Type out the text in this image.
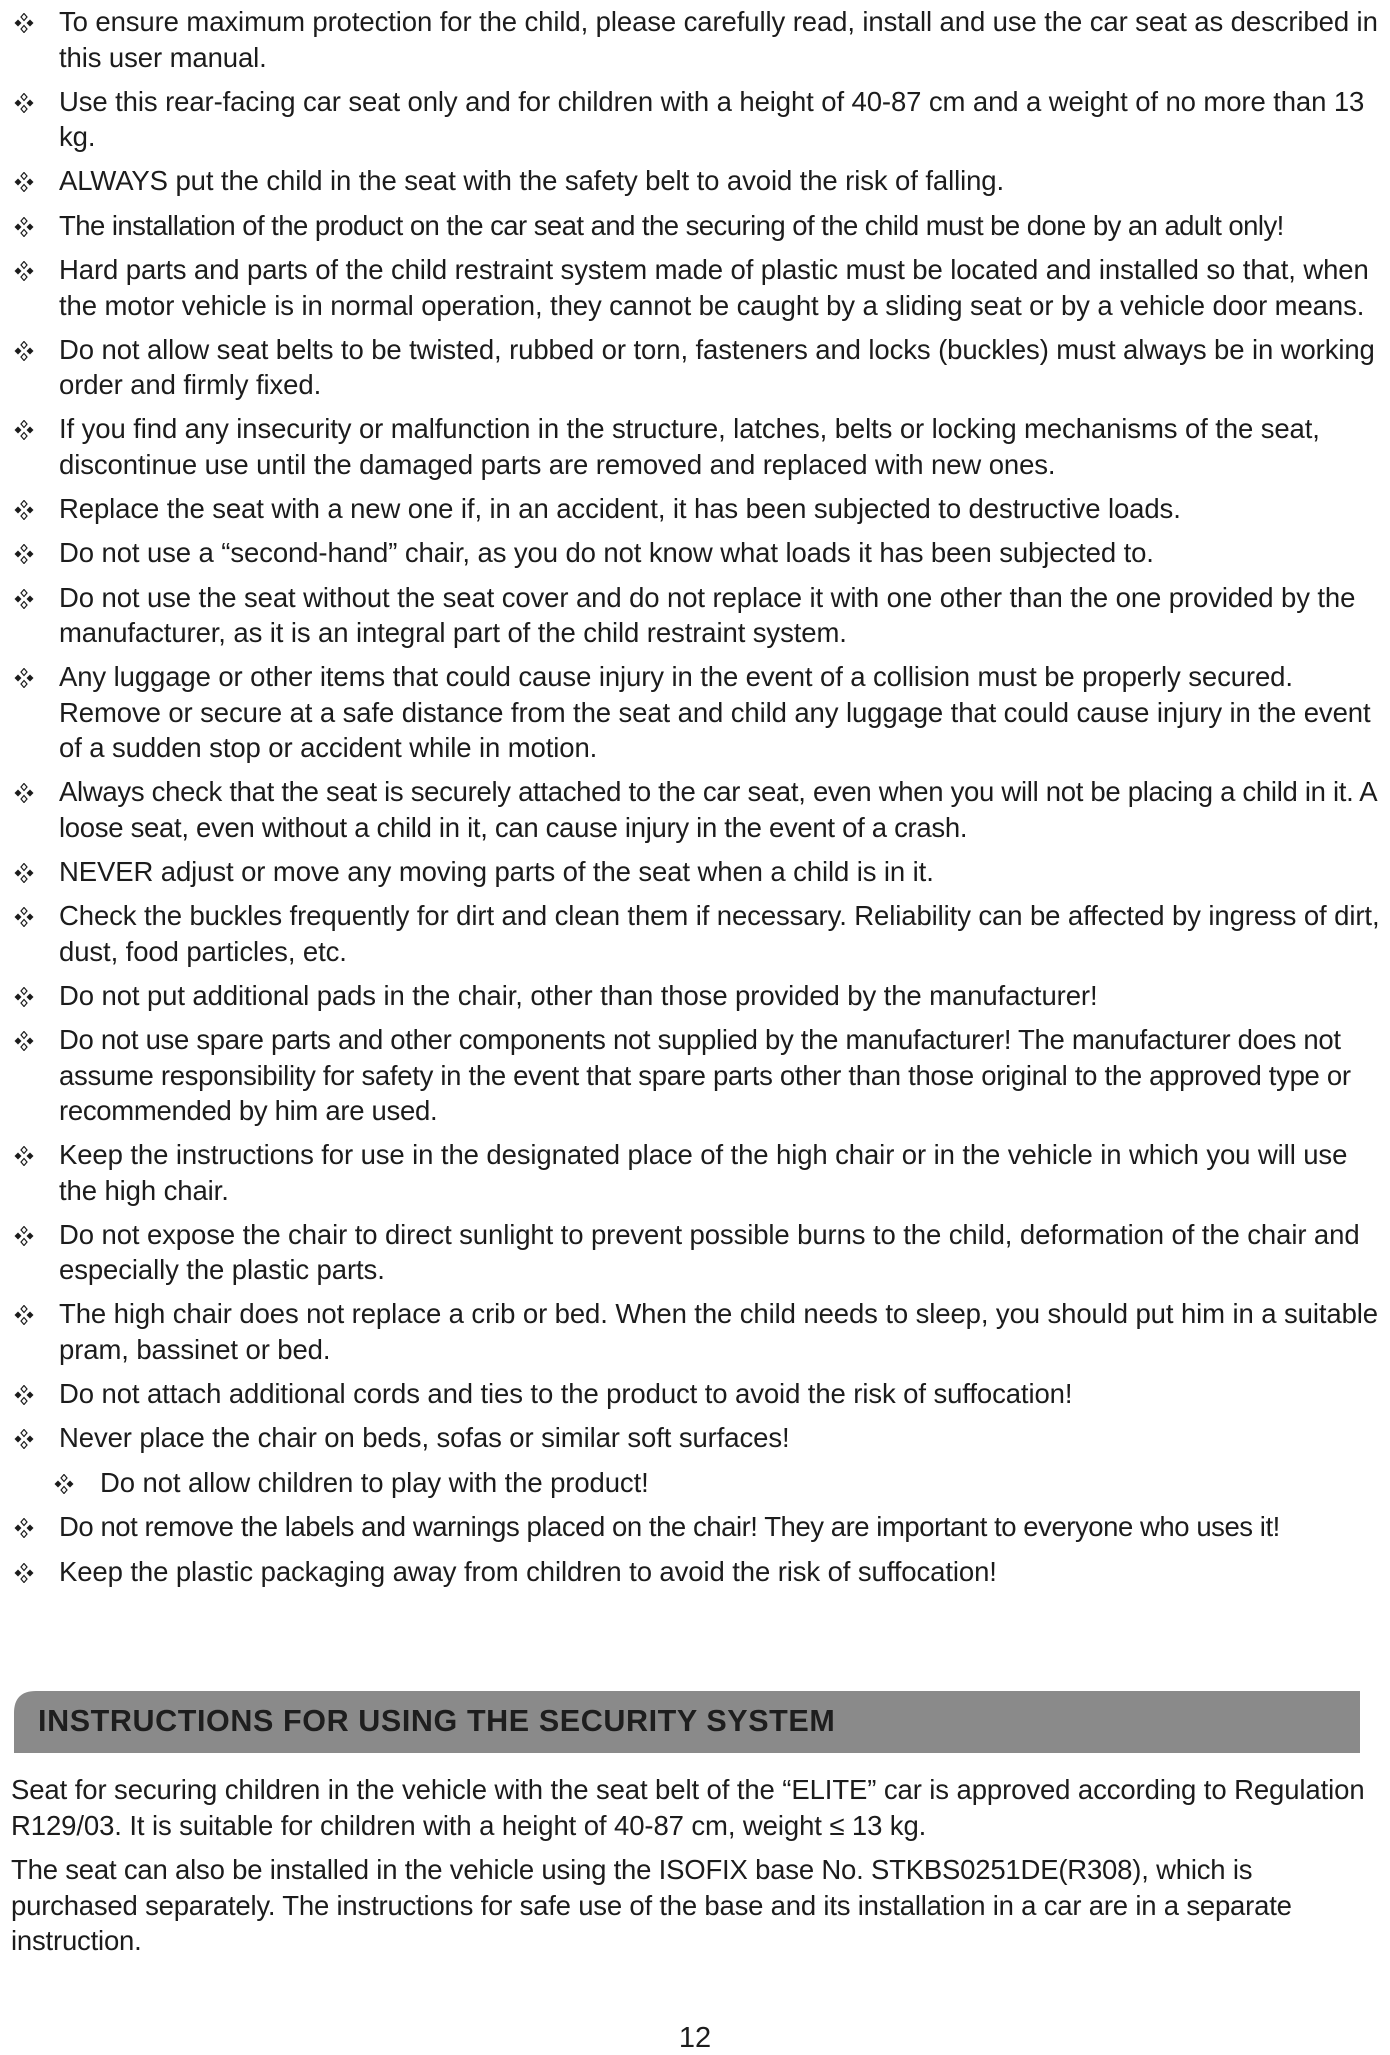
To ensure maximum protection for the child, please carefully read, install and use the car seat as described in this user manual.
Use this rear-facing car seat only and for children with a height of 40-87 cm and a weight of no more than 13 kg.
ALWAYS put the child in the seat with the safety belt to avoid the risk of falling.
The installation of the product on the car seat and the securing of the child must be done by an adult only!
Hard parts and parts of the child restraint system made of plastic must be located and installed so that, when the motor vehicle is in normal operation, they cannot be caught by a sliding seat or by a vehicle door means.
Do not allow seat belts to be twisted, rubbed or torn, fasteners and locks (buckles) must always be in working order and firmly fixed.
If you find any insecurity or malfunction in the structure, latches, belts or locking mechanisms of the seat, discontinue use until the damaged parts are removed and replaced with new ones.
Replace the seat with a new one if, in an accident, it has been subjected to destructive loads.
Do not use a “second-hand” chair, as you do not know what loads it has been subjected to.
Do not use the seat without the seat cover and do not replace it with one other than the one provided by the manufacturer, as it is an integral part of the child restraint system.
Any luggage or other items that could cause injury in the event of a collision must be properly secured. Remove or secure at a safe distance from the seat and child any luggage that could cause injury in the event of a sudden stop or accident while in motion.
Always check that the seat is securely attached to the car seat, even when you will not be placing a child in it. A loose seat, even without a child in it, can cause injury in the event of a crash.
NEVER adjust or move any moving parts of the seat when a child is in it.
Check the buckles frequently for dirt and clean them if necessary. Reliability can be affected by ingress of dirt, dust, food particles, etc.
Do not put additional pads in the chair, other than those provided by the manufacturer!
Do not use spare parts and other components not supplied by the manufacturer! The manufacturer does not assume responsibility for safety in the event that spare parts other than those original to the approved type or recommended by him are used.
Keep the instructions for use in the designated place of the high chair or in the vehicle in which you will use the high chair.
Do not expose the chair to direct sunlight to prevent possible burns to the child, deformation of the chair and especially the plastic parts.
The high chair does not replace a crib or bed. When the child needs to sleep, you should put him in a suitable pram, bassinet or bed.
Do not attach additional cords and ties to the product to avoid the risk of suffocation!
Never place the chair on beds, sofas or similar soft surfaces!
Do not allow children to play with the product!
Do not remove the labels and warnings placed on the chair! They are important to everyone who uses it!
Keep the plastic packaging away from children to avoid the risk of suffocation!
INSTRUCTIONS FOR USING THE SECURITY SYSTEM

Seat for securing children in the vehicle with the seat belt of the “ELITE” car is approved according to Regulation R129/03. It is suitable for children with a height of 40-87 cm, weight ≤ 13 kg.

The seat can also be installed in the vehicle using the ISOFIX base No. STKBS0251DE(R308), which is purchased separately. The instructions for safe use of the base and its installation in a car are in a separate instruction.

12
